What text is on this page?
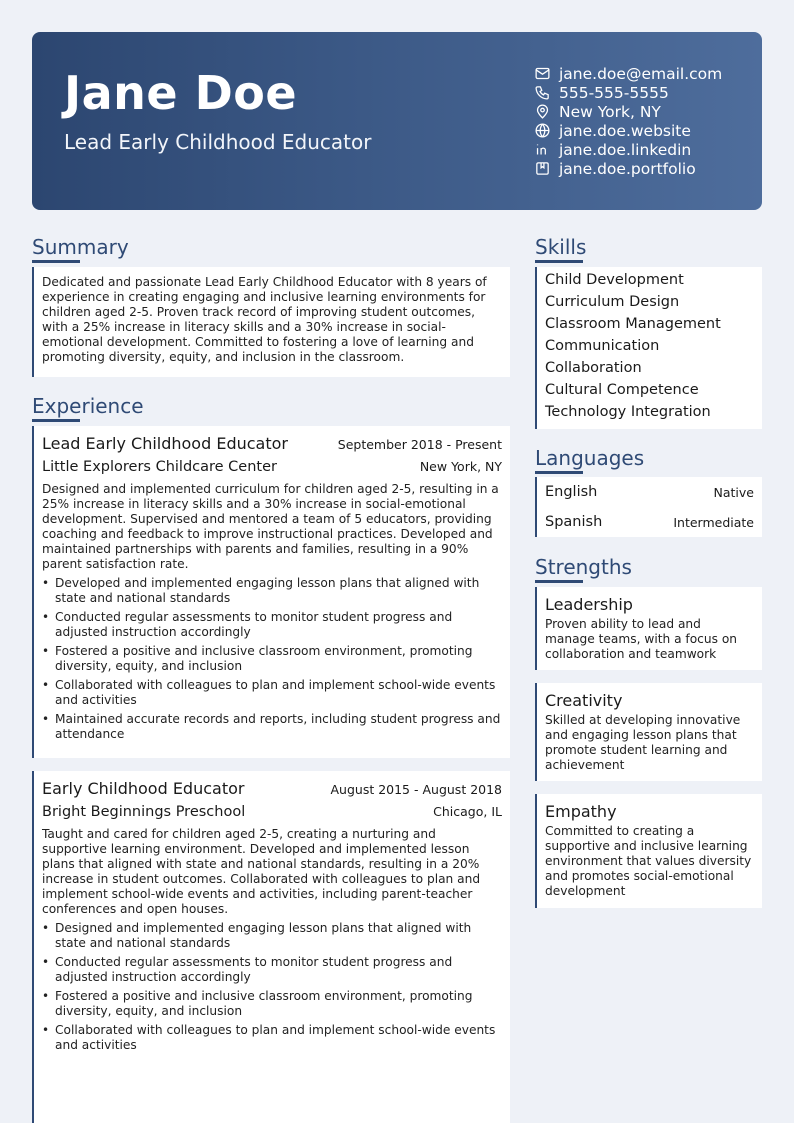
Jane Doe
Lead Early Childhood Educator
jane.doe@email.com
555-555-5555
New York, NY
jane.doe.website
jane.doe.linkedin
jane.doe.portfolio
Summary
Dedicated and passionate Lead Early Childhood Educator with 8 years of experience in creating engaging and inclusive learning environments for children aged 2-5. Proven track record of improving student outcomes, with a 25% increase in literacy skills and a 30% increase in social-emotional development. Committed to fostering a love of learning and promoting diversity, equity, and inclusion in the classroom.
Experience
Lead Early Childhood Educator	September 2018 - Present
Little Explorers Childcare Center	New York, NY
Designed and implemented curriculum for children aged 2-5, resulting in a 25% increase in literacy skills and a 30% increase in social-emotional development. Supervised and mentored a team of 5 educators, providing coaching and feedback to improve instructional practices. Developed and maintained partnerships with parents and families, resulting in a 90% parent satisfaction rate.
• Developed and implemented engaging lesson plans that aligned with state and national standards
• Conducted regular assessments to monitor student progress and adjusted instruction accordingly
• Fostered a positive and inclusive classroom environment, promoting diversity, equity, and inclusion
• Collaborated with colleagues to plan and implement school-wide events and activities
• Maintained accurate records and reports, including student progress and attendance
Early Childhood Educator	August 2015 - August 2018
Bright Beginnings Preschool	Chicago, IL
Taught and cared for children aged 2-5, creating a nurturing and supportive learning environment. Developed and implemented lesson plans that aligned with state and national standards, resulting in a 20% increase in student outcomes. Collaborated with colleagues to plan and implement school-wide events and activities, including parent-teacher conferences and open houses.
• Designed and implemented engaging lesson plans that aligned with state and national standards
• Conducted regular assessments to monitor student progress and adjusted instruction accordingly
• Fostered a positive and inclusive classroom environment, promoting diversity, equity, and inclusion
• Collaborated with colleagues to plan and implement school-wide events and activities
Skills
Child Development
Curriculum Design
Classroom Management
Communication
Collaboration
Cultural Competence
Technology Integration
Languages
English	Native
Spanish	Intermediate
Strengths
Leadership
Proven ability to lead and manage teams, with a focus on collaboration and teamwork
Creativity
Skilled at developing innovative and engaging lesson plans that promote student learning and achievement
Empathy
Committed to creating a supportive and inclusive learning environment that values diversity and promotes social-emotional development
